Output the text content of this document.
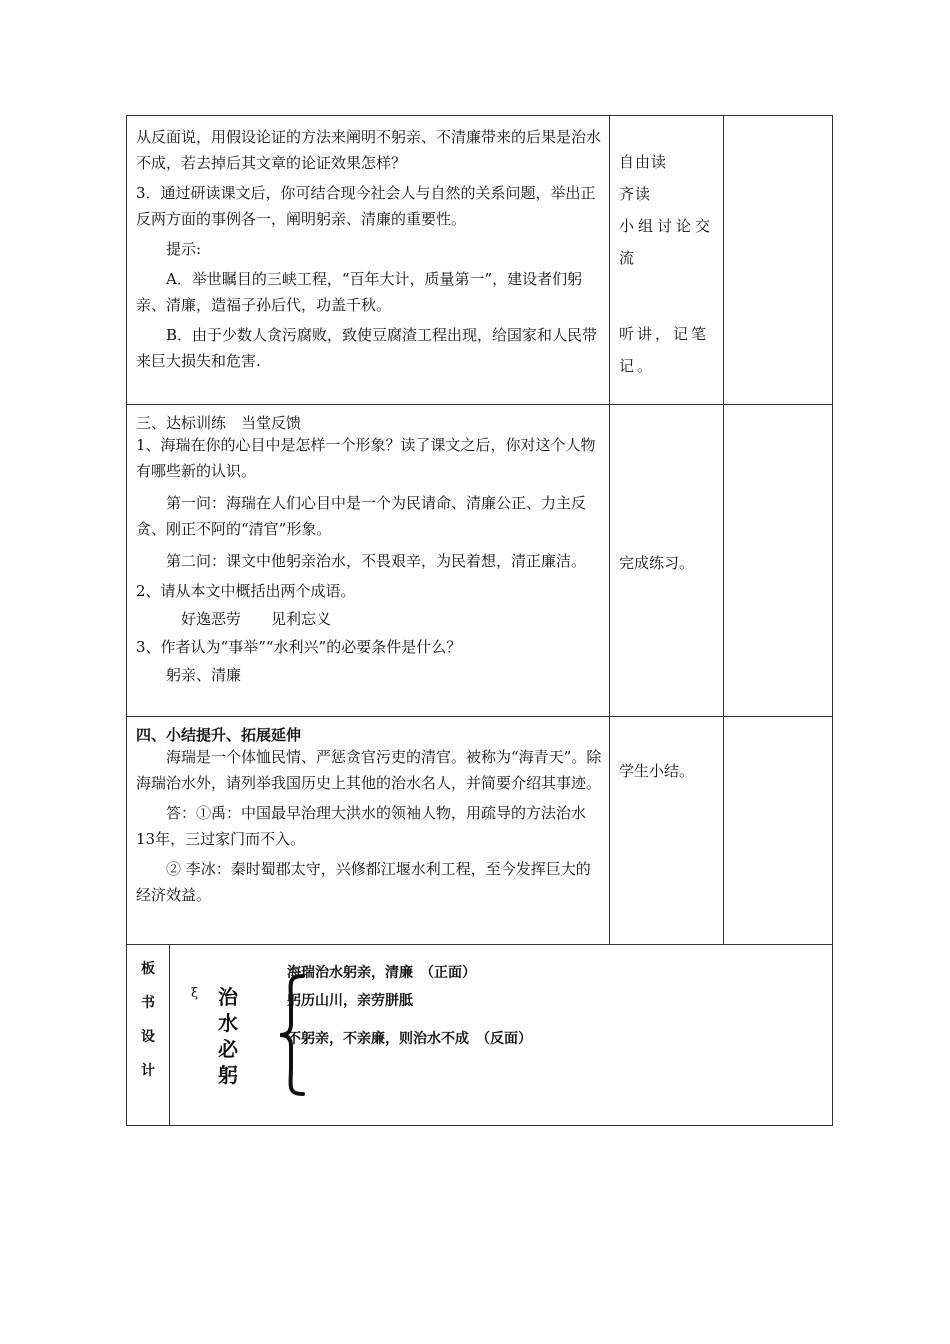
从反面说，用假设论证的方法来阐明不躬亲、不清廉带来的后果是治水不成，若去掉后其文章的论证效果怎样？

3．通过研读课文后，你可结合现今社会人与自然的关系问题，举出正反两方面的事例各一，阐明躬亲、清廉的重要性。

提示:

A．举世瞩目的三峡工程，“百年大计，质量第一”，建设者们躬亲、清廉，造福子孙后代，功盖千秋。

B．由于少数人贪污腐败，致使豆腐渣工程出现，给国家和人民带来巨大损失和危害.

自由读

齐读

小组讨论交流

听讲，记笔记。

三、达标训练　当堂反馈

1、海瑞在你的心目中是怎样一个形象？读了课文之后，你对这个人物有哪些新的认识。

第一问：海瑞在人们心目中是一个为民请命、清廉公正、力主反贪、刚正不阿的“清官”形象。

第二问：课文中他躬亲治水，不畏艰辛，为民着想，清正廉洁。

2、请从本文中概括出两个成语。

好逸恶劳　　见利忘义

3、作者认为“事举”“水利兴”的必要条件是什么？

躬亲、清廉

完成练习。

四、小结提升、拓展延伸

海瑞是一个体恤民情、严惩贪官污吏的清官。被称为“海青天”。除海瑞治水外，请列举我国历史上其他的治水名人，并简要介绍其事迹。

答：①禹：中国最早治理大洪水的领袖人物，用疏导的方法治水13年，三过家门而不入。

② 李冰：秦时蜀郡太守，兴修都江堰水利工程，至今发挥巨大的经济效益。

学生小结。

板
书
设
计
ξ 治
水
必
躬
海瑞治水躬亲，清廉　（正面）
躬历山川，亲劳胼胝
不躬亲，不亲廉，则治水不成　（反面）
